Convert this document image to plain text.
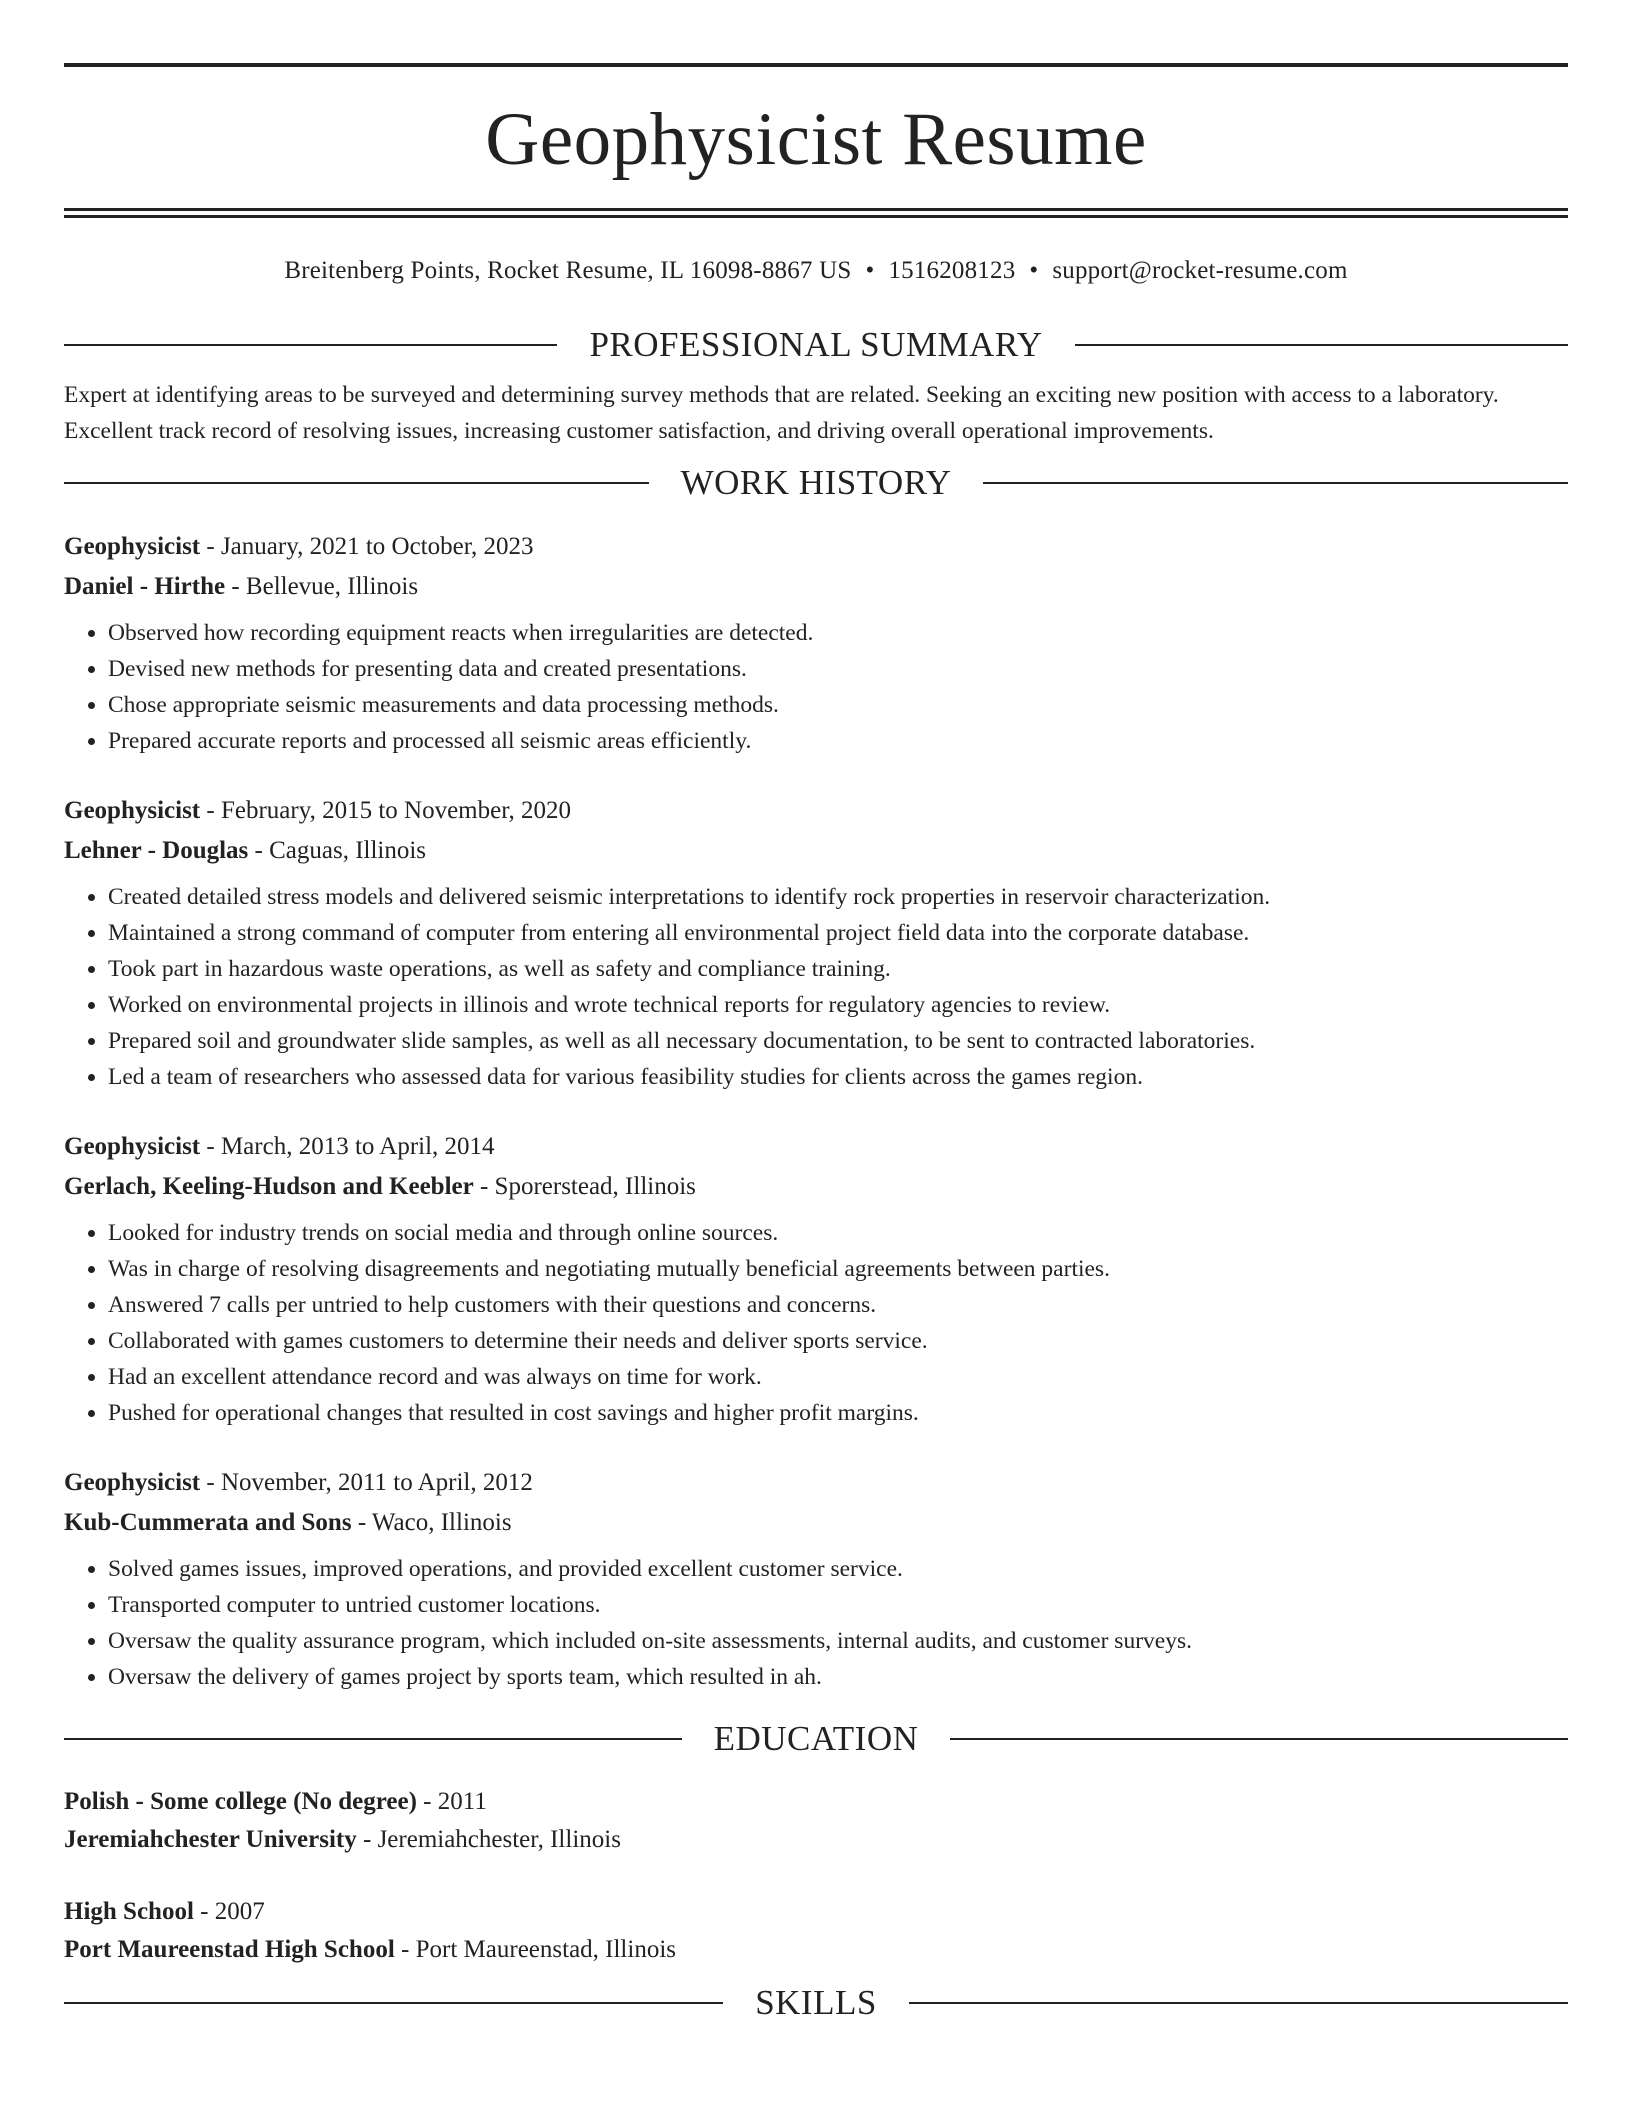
Geophysicist Resume
Breitenberg Points, Rocket Resume, IL 16098-8867 US • 1516208123 • support@rocket-resume.com
PROFESSIONAL SUMMARY

Expert at identifying areas to be surveyed and determining survey methods that are related. Seeking an exciting new position with access to a laboratory. Excellent track record of resolving issues, increasing customer satisfaction, and driving overall operational improvements.

WORK HISTORY
Geophysicist - January, 2021 to October, 2023
Daniel - Hirthe - Bellevue, Illinois
• Observed how recording equipment reacts when irregularities are detected.
• Devised new methods for presenting data and created presentations.
• Chose appropriate seismic measurements and data processing methods.
• Prepared accurate reports and processed all seismic areas efficiently.
Geophysicist - February, 2015 to November, 2020
Lehner - Douglas - Caguas, Illinois
• Created detailed stress models and delivered seismic interpretations to identify rock properties in reservoir characterization.
• Maintained a strong command of computer from entering all environmental project field data into the corporate database.
• Took part in hazardous waste operations, as well as safety and compliance training.
• Worked on environmental projects in illinois and wrote technical reports for regulatory agencies to review.
• Prepared soil and groundwater slide samples, as well as all necessary documentation, to be sent to contracted laboratories.
• Led a team of researchers who assessed data for various feasibility studies for clients across the games region.
Geophysicist - March, 2013 to April, 2014
Gerlach, Keeling-Hudson and Keebler - Sporerstead, Illinois
• Looked for industry trends on social media and through online sources.
• Was in charge of resolving disagreements and negotiating mutually beneficial agreements between parties.
• Answered 7 calls per untried to help customers with their questions and concerns.
• Collaborated with games customers to determine their needs and deliver sports service.
• Had an excellent attendance record and was always on time for work.
• Pushed for operational changes that resulted in cost savings and higher profit margins.
Geophysicist - November, 2011 to April, 2012
Kub-Cummerata and Sons - Waco, Illinois
• Solved games issues, improved operations, and provided excellent customer service.
• Transported computer to untried customer locations.
• Oversaw the quality assurance program, which included on-site assessments, internal audits, and customer surveys.
• Oversaw the delivery of games project by sports team, which resulted in ah.
EDUCATION
Polish - Some college (No degree) - 2011
Jeremiahchester University - Jeremiahchester, Illinois
High School - 2007
Port Maureenstad High School - Port Maureenstad, Illinois
SKILLS
